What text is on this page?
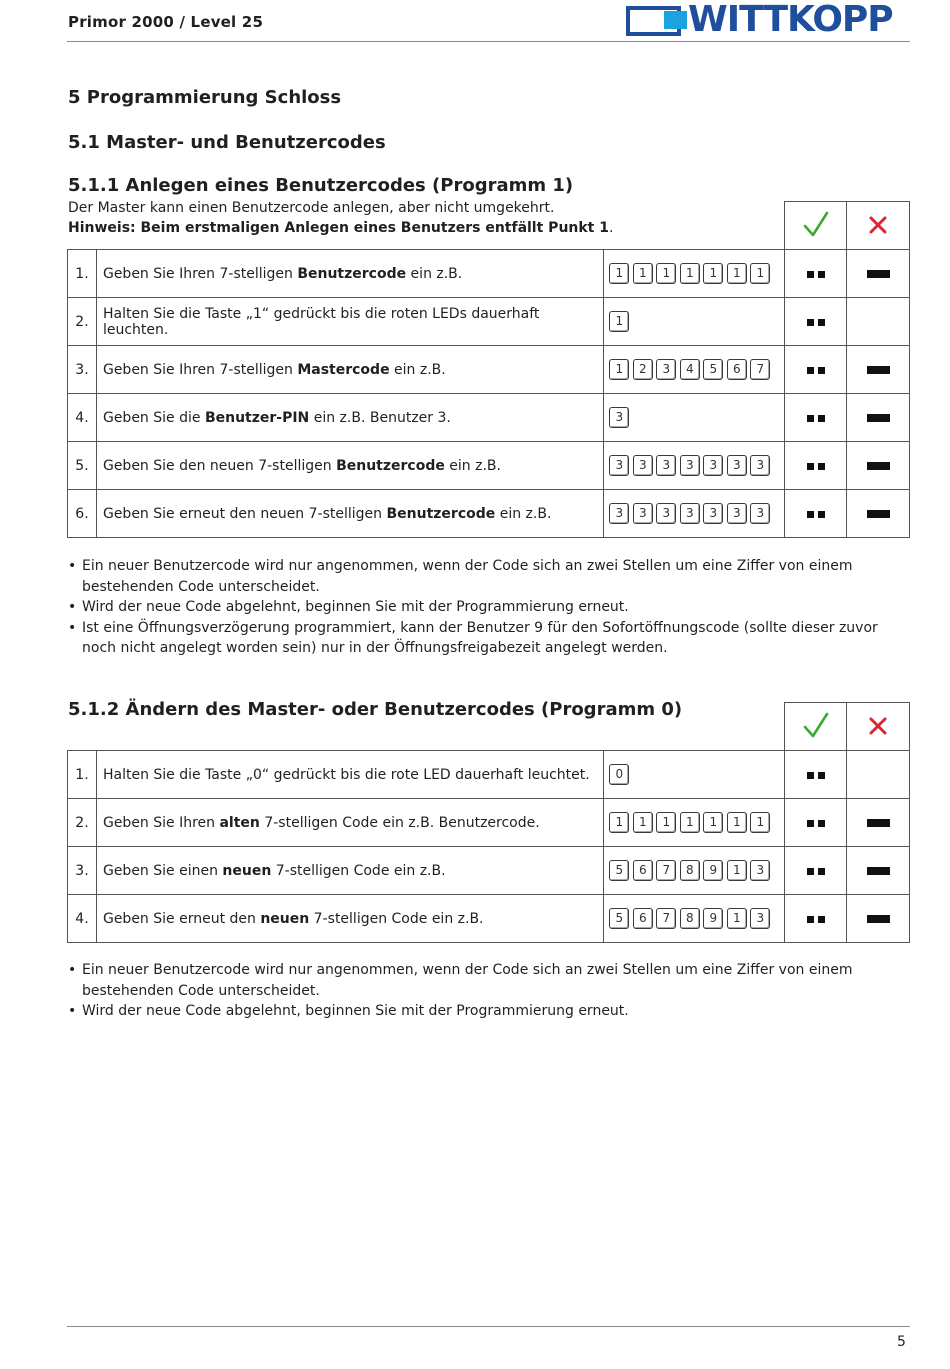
Primor 2000 / Level 25	WITTKOPP
5 Programmierung Schloss
5.1 Master- und Benutzercodes
5.1.1 Anlegen eines Benutzercodes (Programm 1)
Der Master kann einen Benutzercode anlegen, aber nicht umgekehrt.
Hinweis: Beim erstmaligen Anlegen eines Benutzers entfällt Punkt 1.
1.	Geben Sie Ihren 7-stelligen Benutzercode ein z.B.	1 1 1 1 1 1 1		
2.	Halten Sie die Taste „1“ gedrückt bis die roten LEDs dauerhaft leuchten.	1		
3.	Geben Sie Ihren 7-stelligen Mastercode ein z.B.	1 2 3 4 5 6 7		
4.	Geben Sie die Benutzer-PIN ein z.B. Benutzer 3.	3		
5.	Geben Sie den neuen 7-stelligen Benutzercode ein z.B.	3 3 3 3 3 3 3		
6.	Geben Sie erneut den neuen 7-stelligen Benutzercode ein z.B.	3 3 3 3 3 3 3		
• Ein neuer Benutzercode wird nur angenommen, wenn der Code sich an zwei Stellen um eine Ziffer von einem bestehenden Code unterscheidet.
• Wird der neue Code abgelehnt, beginnen Sie mit der Programmierung erneut.
• Ist eine Öffnungsverzögerung programmiert, kann der Benutzer 9 für den Sofortöffnungscode (sollte dieser zuvor noch nicht angelegt worden sein) nur in der Öffnungsfreigabezeit angelegt werden.
5.1.2 Ändern des Master- oder Benutzercodes (Programm 0)
1.	Halten Sie die Taste „0“ gedrückt bis die rote LED dauerhaft leuchtet.	0		
2.	Geben Sie Ihren alten 7-stelligen Code ein z.B. Benutzercode.	1 1 1 1 1 1 1		
3.	Geben Sie einen neuen 7-stelligen Code ein z.B.	5 6 7 8 9 1 3		
4.	Geben Sie erneut den neuen 7-stelligen Code ein z.B.	5 6 7 8 9 1 3		
• Ein neuer Benutzercode wird nur angenommen, wenn der Code sich an zwei Stellen um eine Ziffer von einem bestehenden Code unterscheidet.
• Wird der neue Code abgelehnt, beginnen Sie mit der Programmierung erneut.
5
